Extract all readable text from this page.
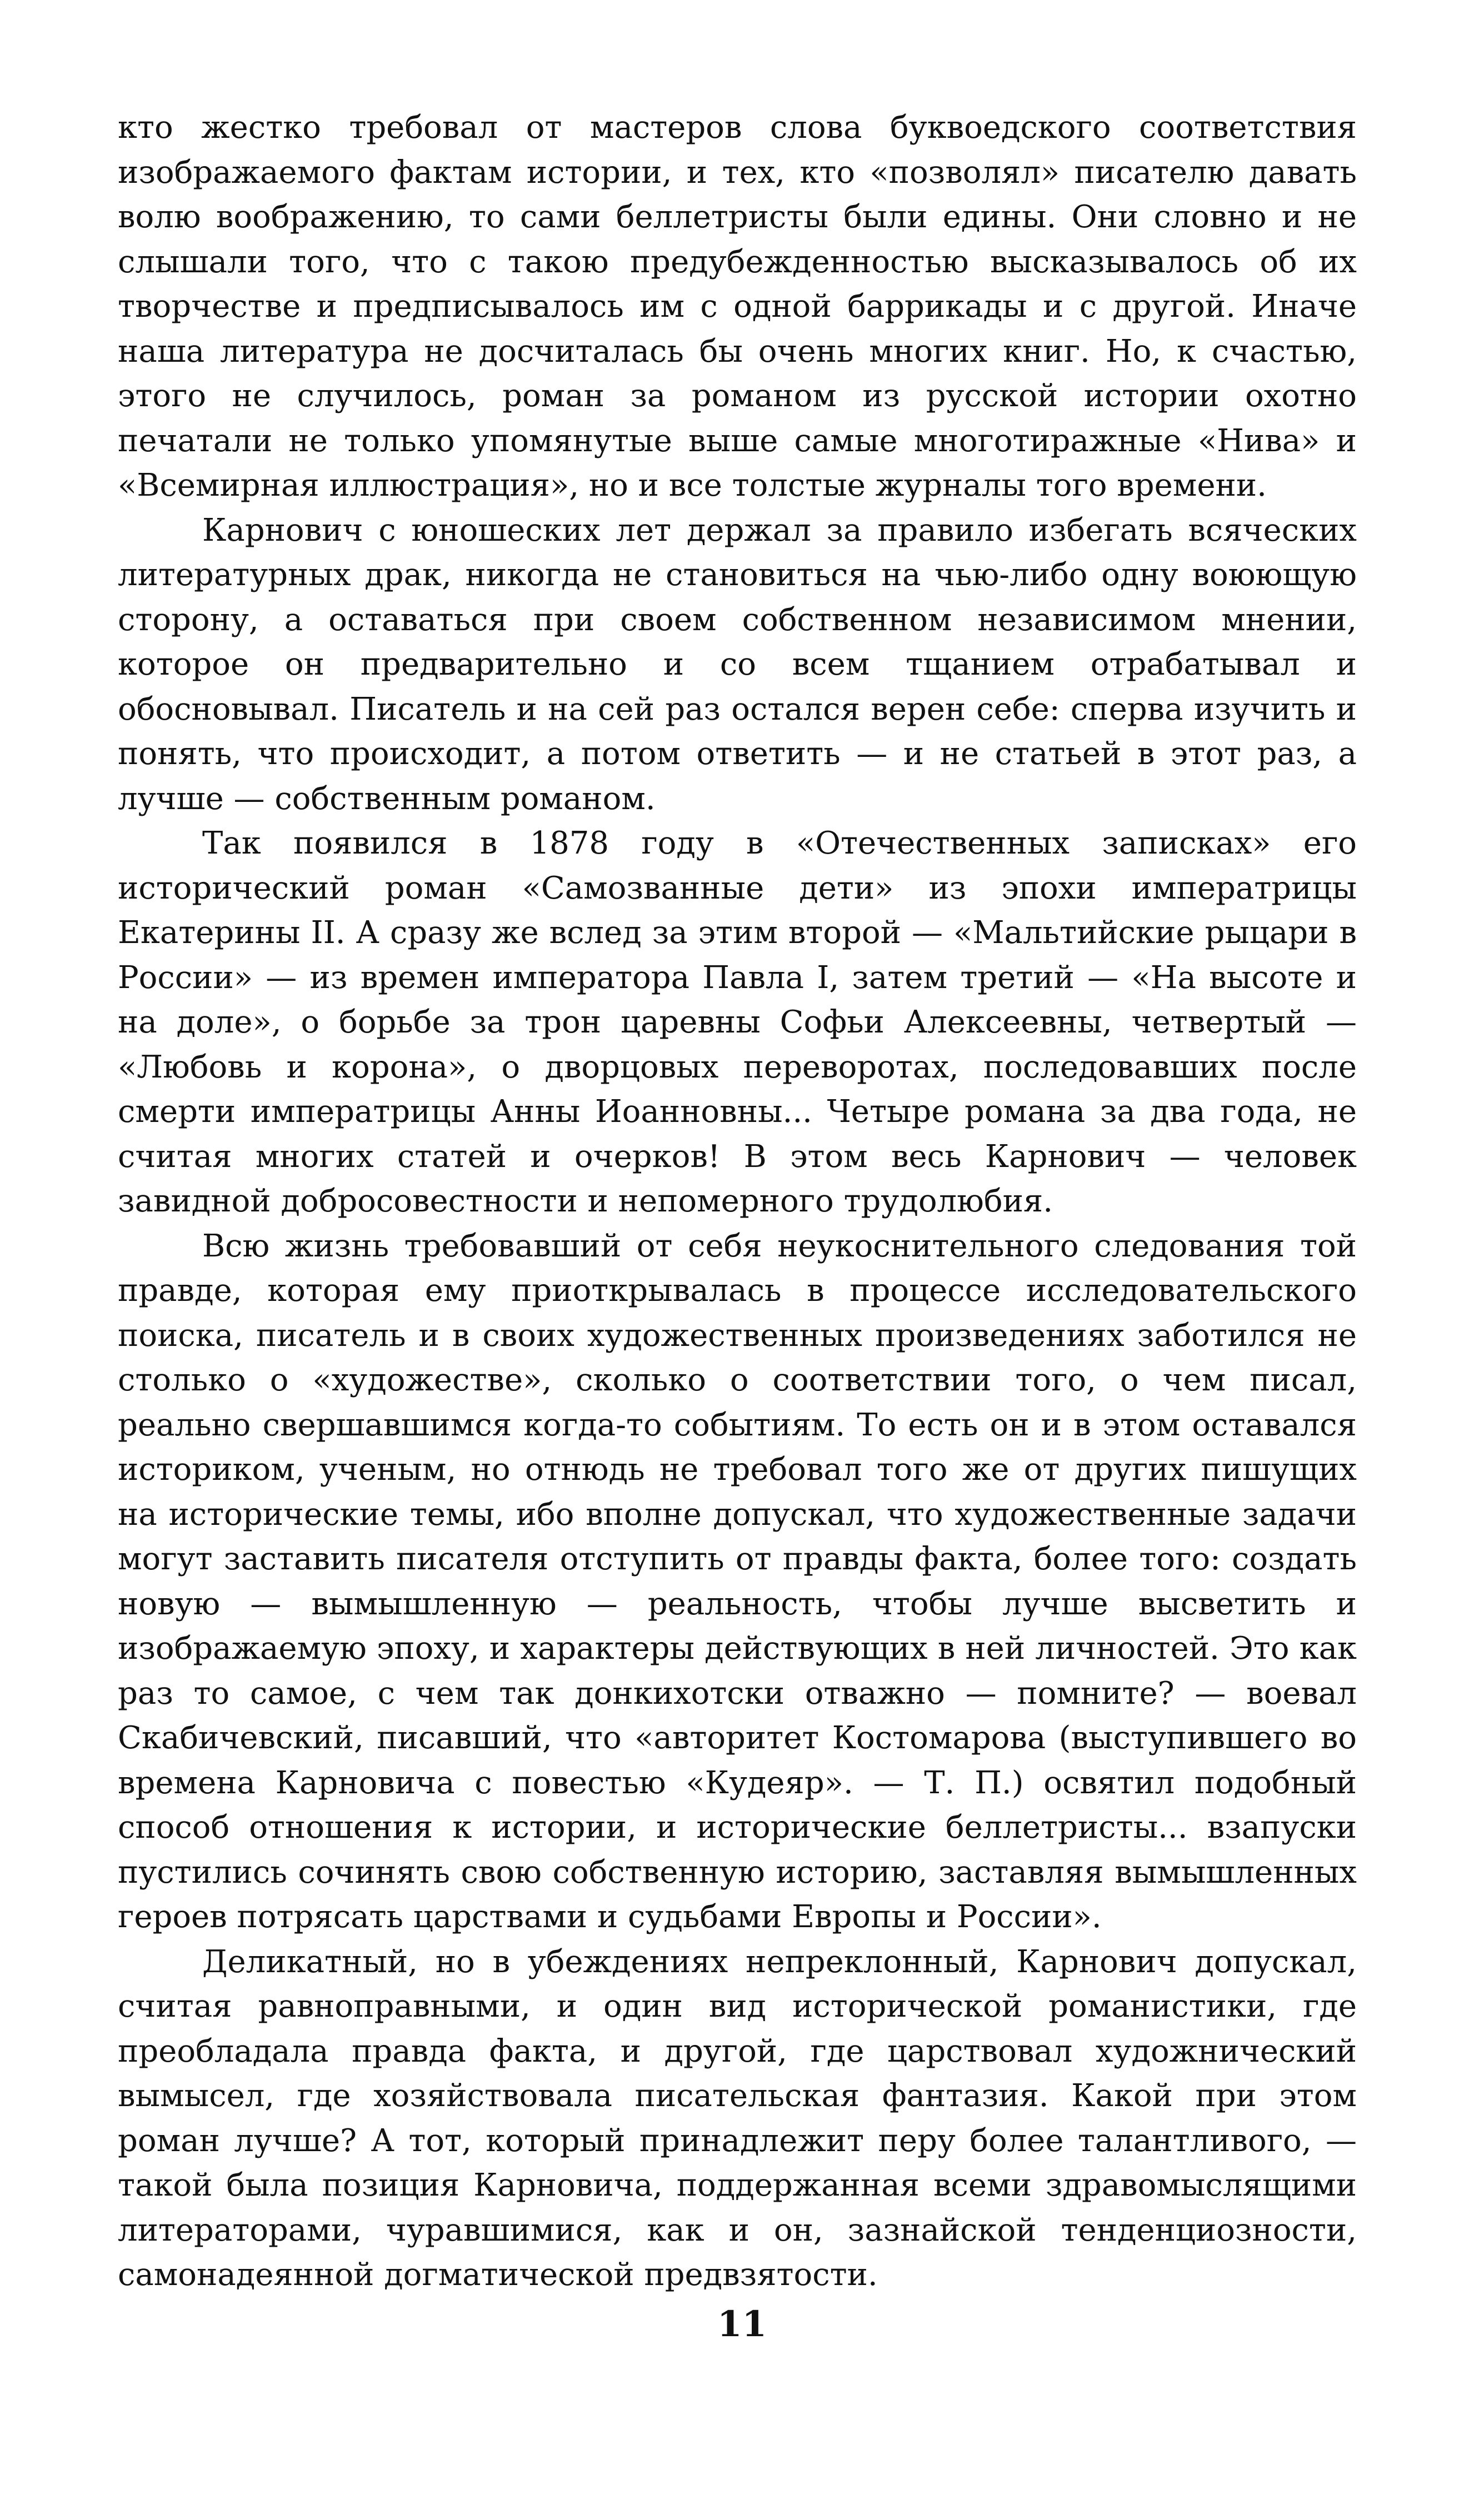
кто жестко требовал от мастеров слова буквоедского соответствия изображаемого фактам истории, и тех, кто «позволял» писателю давать волю воображению, то сами беллетристы были едины. Они словно и не слышали того, что с такою предубежденностью высказывалось об их творчестве и предписывалось им с одной баррикады и с другой. Иначе наша литература не досчиталась бы очень многих книг. Но, к счастью, этого не случилось, роман за романом из русской истории охотно печатали не только упомянутые выше самые многотиражные «Нива» и «Всемирная иллюстрация», но и все толстые журналы того времени.

Карнович с юношеских лет держал за правило избегать всяческих литературных драк, никогда не становиться на чью-либо одну воюющую сторону, а оставаться при своем собственном независимом мнении, которое он предварительно и со всем тщанием отрабатывал и обосновывал. Писатель и на сей раз остался верен себе: сперва изучить и понять, что происходит, а потом ответить — и не статьей в этот раз, а лучше — собственным романом.

Так появился в 1878 году в «Отечественных записках» его исторический роман «Самозванные дети» из эпохи императрицы Екатерины II. А сразу же вслед за этим второй — «Мальтийские рыцари в России» — из времен императора Павла I, затем третий — «На высоте и на доле», о борьбе за трон царевны Софьи Алексеевны, четвертый — «Любовь и корона», о дворцовых переворотах, последовавших после смерти императрицы Анны Иоанновны... Четыре романа за два года, не считая многих статей и очерков! В этом весь Карнович — человек завидной добросовестности и непомерного трудолюбия.

Всю жизнь требовавший от себя неукоснительного следования той правде, которая ему приоткрывалась в процессе исследовательского поиска, писатель и в своих художественных произведениях заботился не столько о «художестве», сколько о соответствии того, о чем писал, реально свершавшимся когда-то событиям. То есть он и в этом оставался историком, ученым, но отнюдь не требовал того же от других пишущих на исторические темы, ибо вполне допускал, что художественные задачи могут заставить писателя отступить от правды факта, более того: создать новую — вымышленную — реальность, чтобы лучше высветить и изображаемую эпоху, и характеры действующих в ней личностей. Это как раз то самое, с чем так донкихотски отважно — помните? — воевал Скабичевский, писавший, что «авторитет Костомарова (выступившего во времена Карновича с повестью «Кудеяр». — Т. П.) освятил подобный способ отношения к истории, и исторические беллетристы... взапуски пустились сочинять свою собственную историю, заставляя вымышленных героев потрясать царствами и судьбами Европы и России».

Деликатный, но в убеждениях непреклонный, Карнович допускал, считая равноправными, и один вид исторической романистики, где преобладала правда факта, и другой, где царствовал художнический вымысел, где хозяйствовала писательская фантазия. Какой при этом роман лучше? А тот, который принадлежит перу более талантливого, — такой была позиция Карновича, поддержанная всеми здравомыслящими литераторами, чуравшимися, как и он, зазнайской тенденциозности, самонадеянной догматической предвзятости.

11
